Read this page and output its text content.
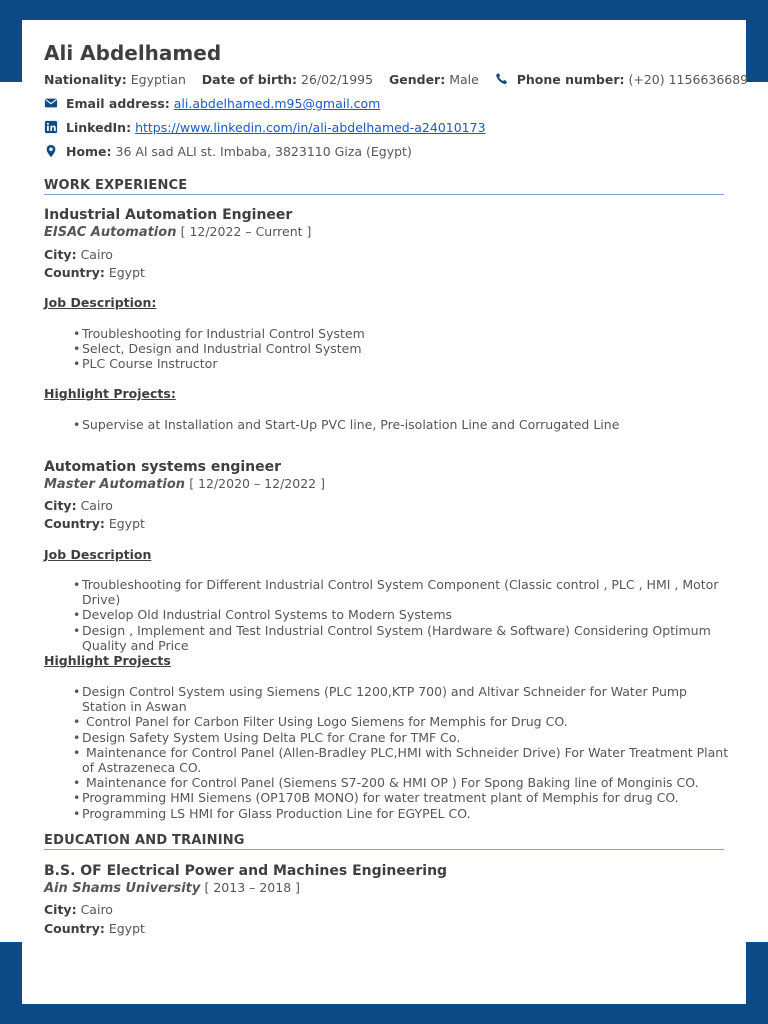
Ali Abdelhamed
Nationality: Egyptian Date of birth: 26/02/1995 Gender: Male	Phone number: (+20) 1156636689
Email address: ali.abdelhamed.m95@gmail.com
LinkedIn: https://www.linkedin.com/in/ali-abdelhamed-a24010173
Home: 36 Al sad ALI st. Imbaba, 3823110 Giza (Egypt)
WORK EXPERIENCE
Industrial Automation Engineer
EISAC Automation [ 12/2022 – Current ]
City: Cairo
Country: Egypt
Job Description:
• Troubleshooting for Industrial Control System
• Select, Design and Industrial Control System
• PLC Course Instructor
Highlight Projects:
• Supervise at Installation and Start-Up PVC line, Pre-isolation Line and Corrugated Line
Automation systems engineer
Master Automation [ 12/2020 – 12/2022 ]
City: Cairo
Country: Egypt
Job Description
• Troubleshooting for Different Industrial Control System Component (Classic control , PLC , HMI , Motor Drive)
• Develop Old Industrial Control Systems to Modern Systems
• Design , Implement and Test Industrial Control System (Hardware & Software) Considering Optimum Quality and Price
Highlight Projects
• Design Control System using Siemens (PLC 1200,KTP 700) and Altivar Schneider for Water Pump Station in Aswan
• Control Panel for Carbon Filter Using Logo Siemens for Memphis for Drug CO.
• Design Safety System Using Delta PLC for Crane for TMF Co.
• Maintenance for Control Panel (Allen-Bradley PLC,HMI with Schneider Drive) For Water Treatment Plant of Astrazeneca CO.
• Maintenance for Control Panel (Siemens S7-200 & HMI OP ) For Spong Baking line of Monginis CO.
• Programming HMI Siemens (OP170B MONO) for water treatment plant of Memphis for drug CO.
• Programming LS HMI for Glass Production Line for EGYPEL CO.
EDUCATION AND TRAINING
B.S. OF Electrical Power and Machines Engineering
Ain Shams University [ 2013 – 2018 ]
City: Cairo
Country: Egypt
